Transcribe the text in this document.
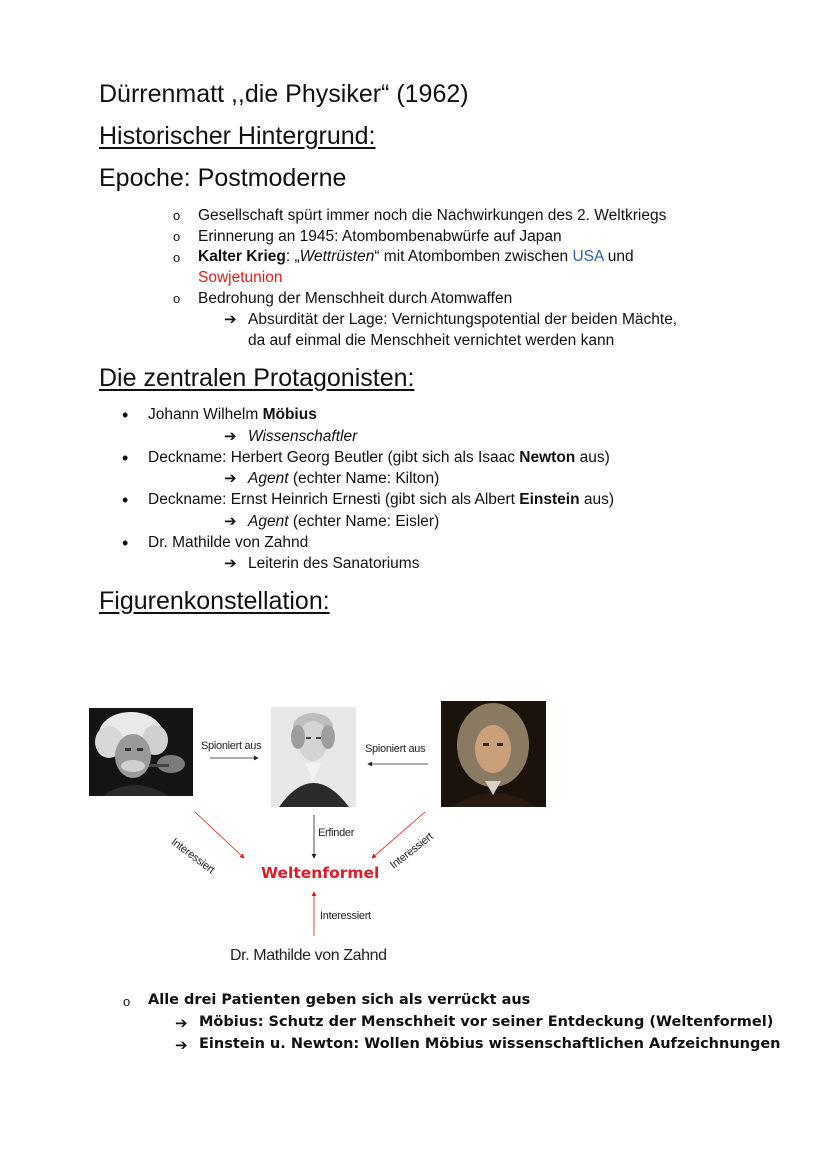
Dürrenmatt ,,die Physiker“ (1962)
Historischer Hintergrund:
Epoche: Postmoderne
o Gesellschaft spürt immer noch die Nachwirkungen des 2. Weltkriegs
o Erinnerung an 1945: Atombombenabwürfe auf Japan
o Kalter Krieg: „Wettrüsten“ mit Atombomben zwischen USA und
Sowjetunion
o Bedrohung der Menschheit durch Atomwaffen
➔ Absurdität der Lage: Vernichtungspotential der beiden Mächte,
da auf einmal die Menschheit vernichtet werden kann
Die zentralen Protagonisten:
• Johann Wilhelm Möbius
➔ Wissenschaftler
• Deckname: Herbert Georg Beutler (gibt sich als Isaac Newton aus)
➔ Agent (echter Name: Kilton)
• Deckname: Ernst Heinrich Ernesti (gibt sich als Albert Einstein aus)
➔ Agent (echter Name: Eisler)
• Dr. Mathilde von Zahnd
➔ Leiterin des Sanatoriums
Figurenkonstellation:
Spioniert aus	Spioniert aus
Erfinder
Interessiert	Interessiert
Interessiert
Weltenformel
Dr. Mathilde von Zahnd
o Alle drei Patienten geben sich als verrückt aus
➔ Möbius: Schutz der Menschheit vor seiner Entdeckung (Weltenformel)
➔ Einstein u. Newton: Wollen Möbius wissenschaftlichen Aufzeichnungen
